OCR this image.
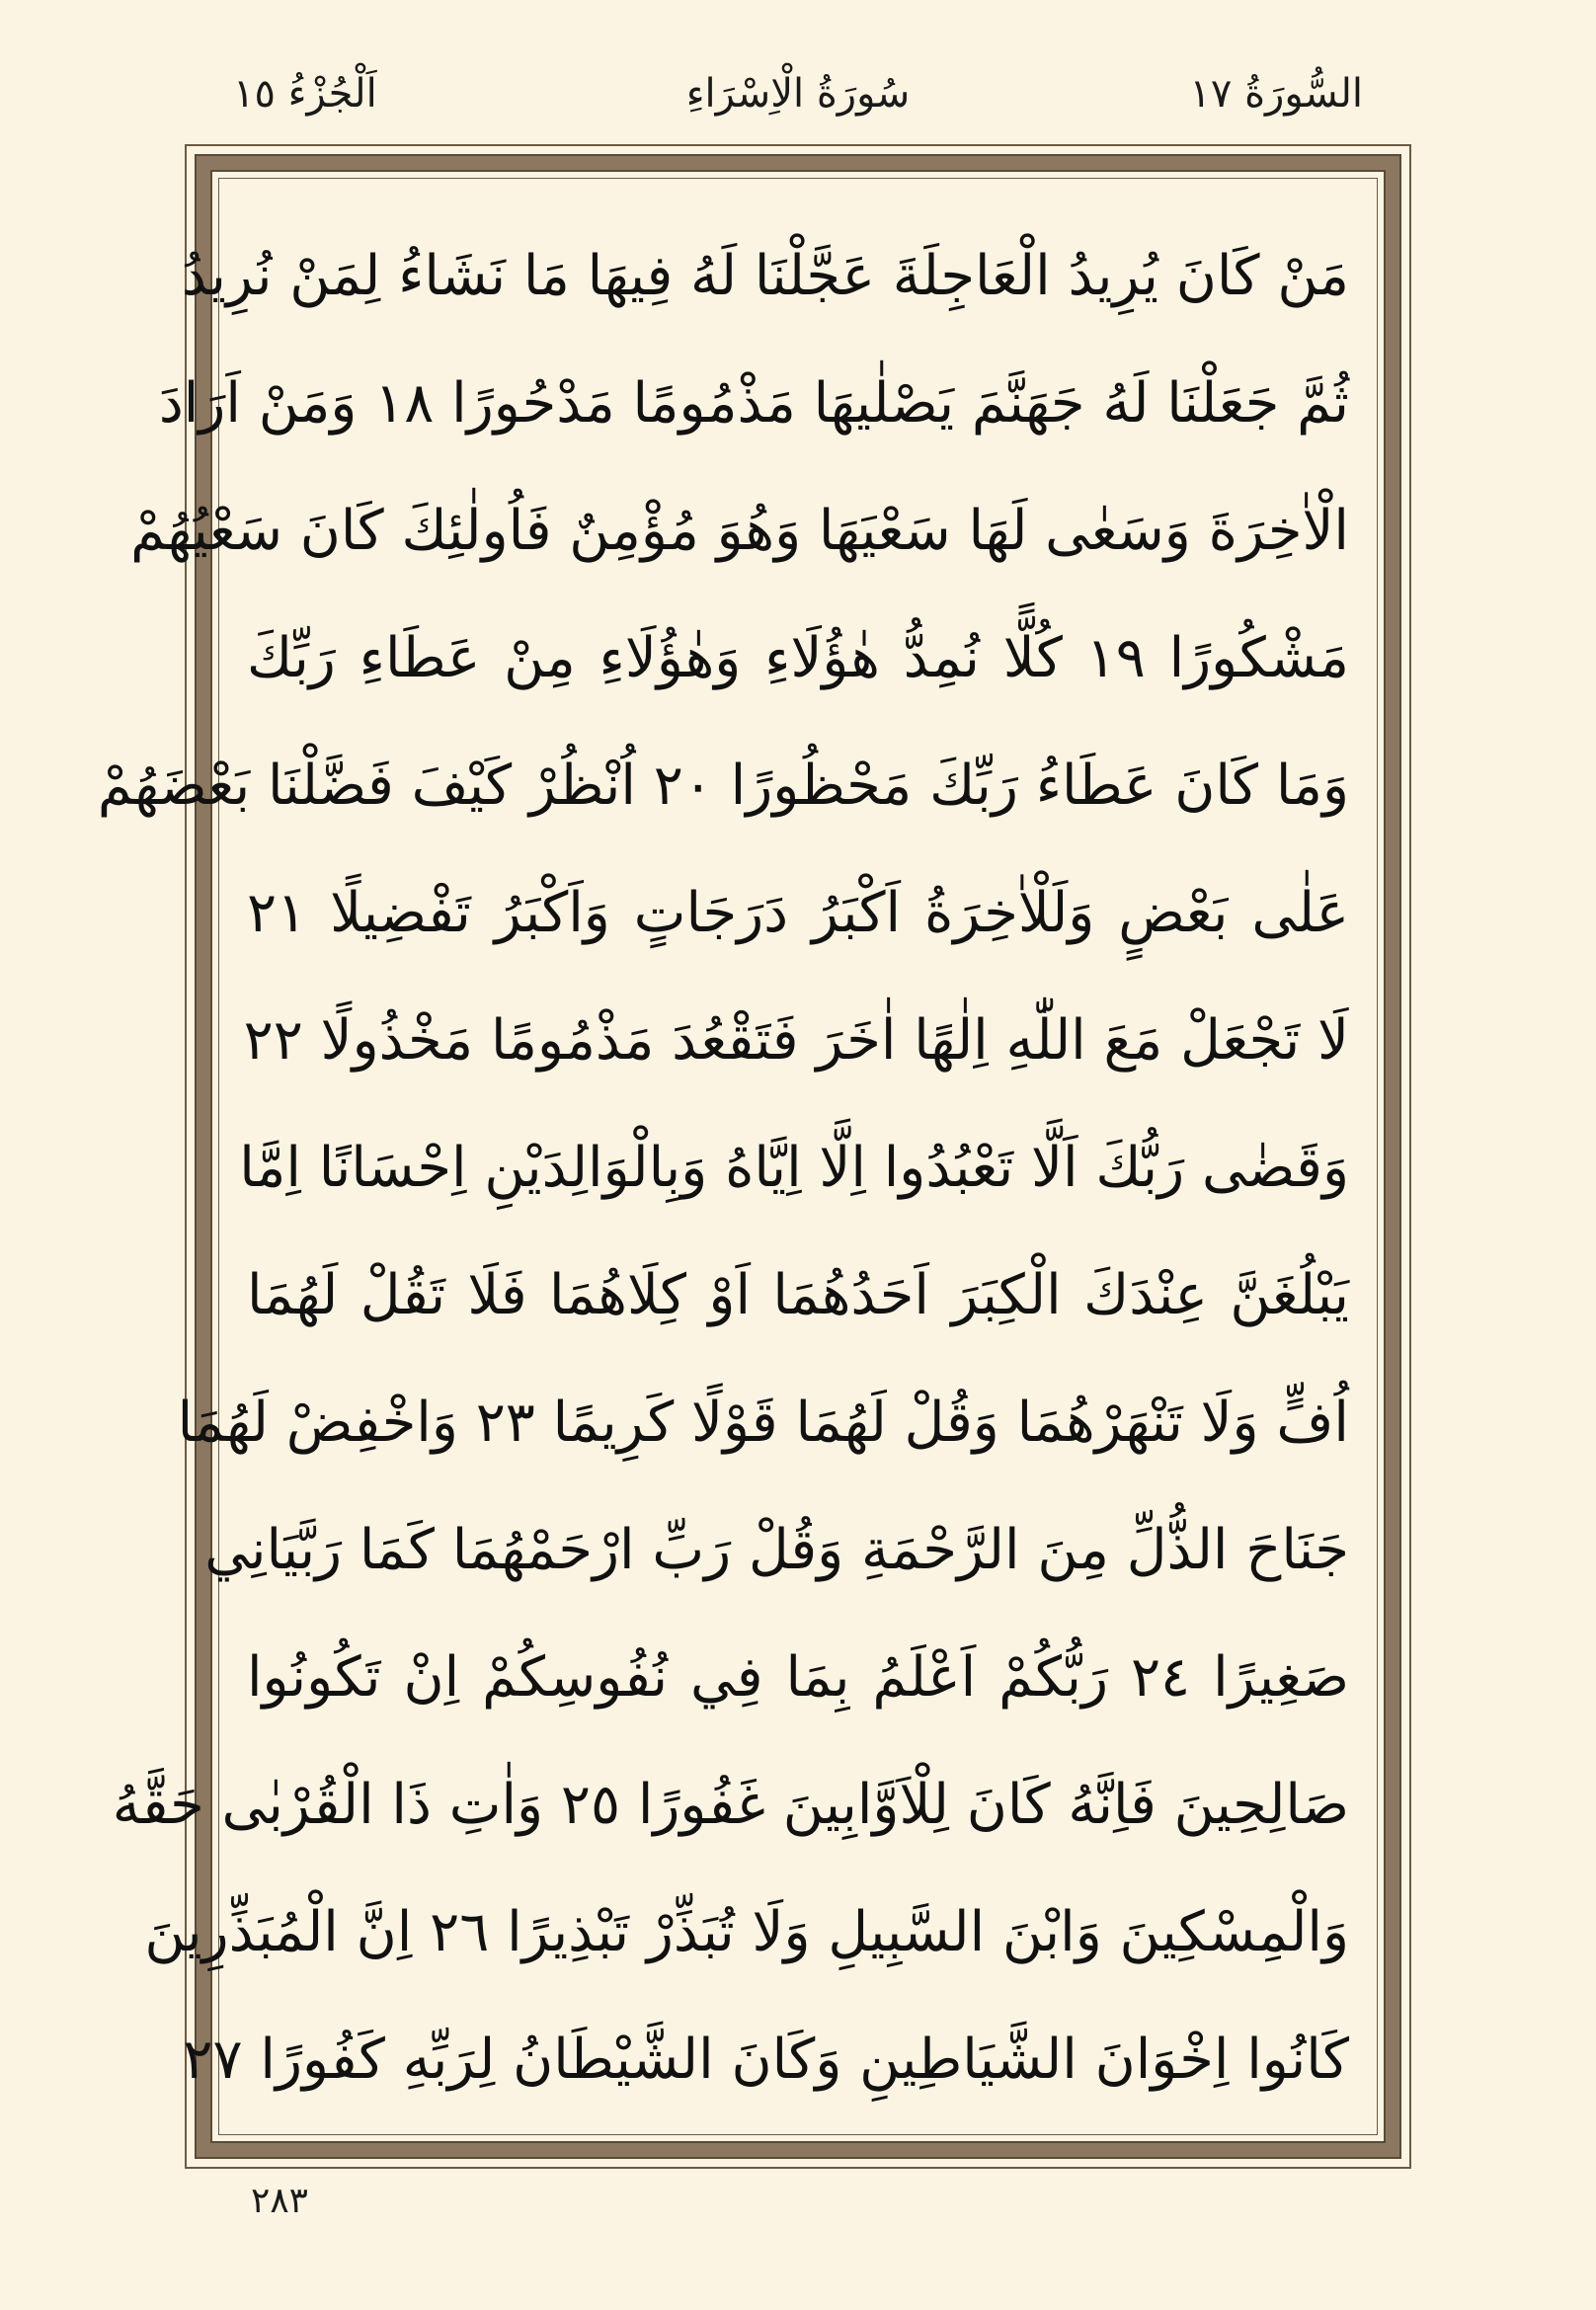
السُّورَةُ ١٧
سُورَةُ الْاِسْرَاءِ
اَلْجُزْءُ ١٥
مَنْ كَانَ يُرِيدُ الْعَاجِلَةَ عَجَّلْنَا لَهُ فِيهَا مَا نَشَاءُ لِمَنْ نُرِيدُ
ثُمَّ جَعَلْنَا لَهُ جَهَنَّمَ يَصْلٰيهَا مَذْمُومًا مَدْحُورًا ١٨ وَمَنْ اَرَادَ
الْاٰخِرَةَ وَسَعٰى لَهَا سَعْيَهَا وَهُوَ مُؤْمِنٌ فَاُولٰئِكَ كَانَ سَعْيُهُمْ
مَشْكُورًا ١٩ كُلًّا نُمِدُّ هٰؤُلَاءِ وَهٰؤُلَاءِ مِنْ عَطَاءِ رَبِّكَ
وَمَا كَانَ عَطَاءُ رَبِّكَ مَحْظُورًا ٢٠ اُنْظُرْ كَيْفَ فَضَّلْنَا بَعْضَهُمْ
عَلٰى بَعْضٍ وَلَلْاٰخِرَةُ اَكْبَرُ دَرَجَاتٍ وَاَكْبَرُ تَفْضِيلًا ٢١
لَا تَجْعَلْ مَعَ اللّٰهِ اِلٰهًا اٰخَرَ فَتَقْعُدَ مَذْمُومًا مَخْذُولًا ٢٢
وَقَضٰى رَبُّكَ اَلَّا تَعْبُدُوا اِلَّا اِيَّاهُ وَبِالْوَالِدَيْنِ اِحْسَانًا اِمَّا
يَبْلُغَنَّ عِنْدَكَ الْكِبَرَ اَحَدُهُمَا اَوْ كِلَاهُمَا فَلَا تَقُلْ لَهُمَا
اُفٍّ وَلَا تَنْهَرْهُمَا وَقُلْ لَهُمَا قَوْلًا كَرِيمًا ٢٣ وَاخْفِضْ لَهُمَا
جَنَاحَ الذُّلِّ مِنَ الرَّحْمَةِ وَقُلْ رَبِّ ارْحَمْهُمَا كَمَا رَبَّيَانِي
صَغِيرًا ٢٤ رَبُّكُمْ اَعْلَمُ بِمَا فِي نُفُوسِكُمْ اِنْ تَكُونُوا
صَالِحِينَ فَاِنَّهُ كَانَ لِلْاَوَّابِينَ غَفُورًا ٢٥ وَاٰتِ ذَا الْقُرْبٰى حَقَّهُ
وَالْمِسْكِينَ وَابْنَ السَّبِيلِ وَلَا تُبَذِّرْ تَبْذِيرًا ٢٦ اِنَّ الْمُبَذِّرِينَ
كَانُوا اِخْوَانَ الشَّيَاطِينِ وَكَانَ الشَّيْطَانُ لِرَبِّهِ كَفُورًا ٢٧
٢٨٣
